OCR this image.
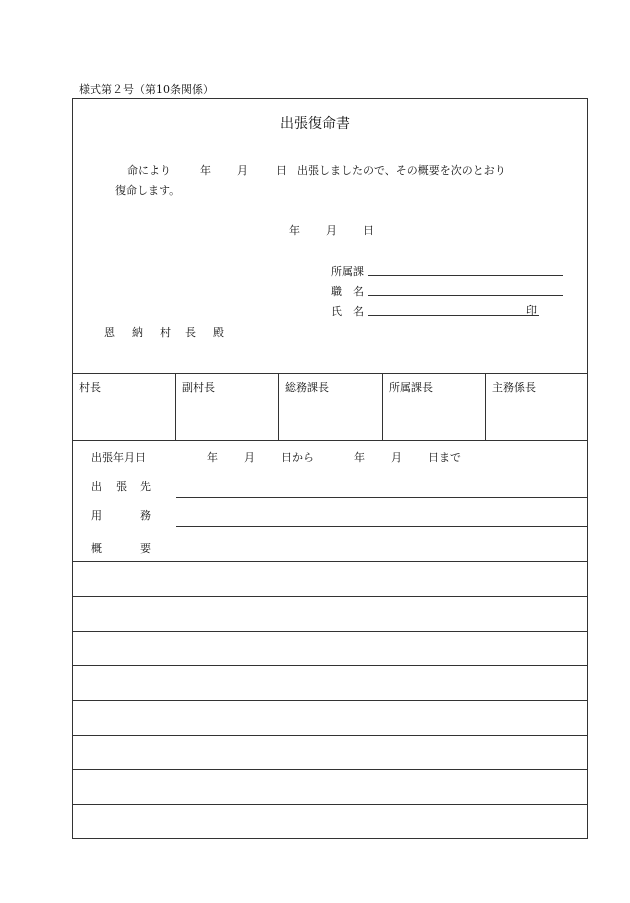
様式第２号（第10条関係）
出張復命書
命により	年 月	日 出張しましたので、その概要を次のとおり
復命します。
年 月 日
所属課
職 名
氏 名	印
恩 納 村 長 殿
村長	副村長	総務課長	所属課長	主務係長
出張年月日	年 月 日から	年 月 日まで
出 張 先
用	務
概	要
